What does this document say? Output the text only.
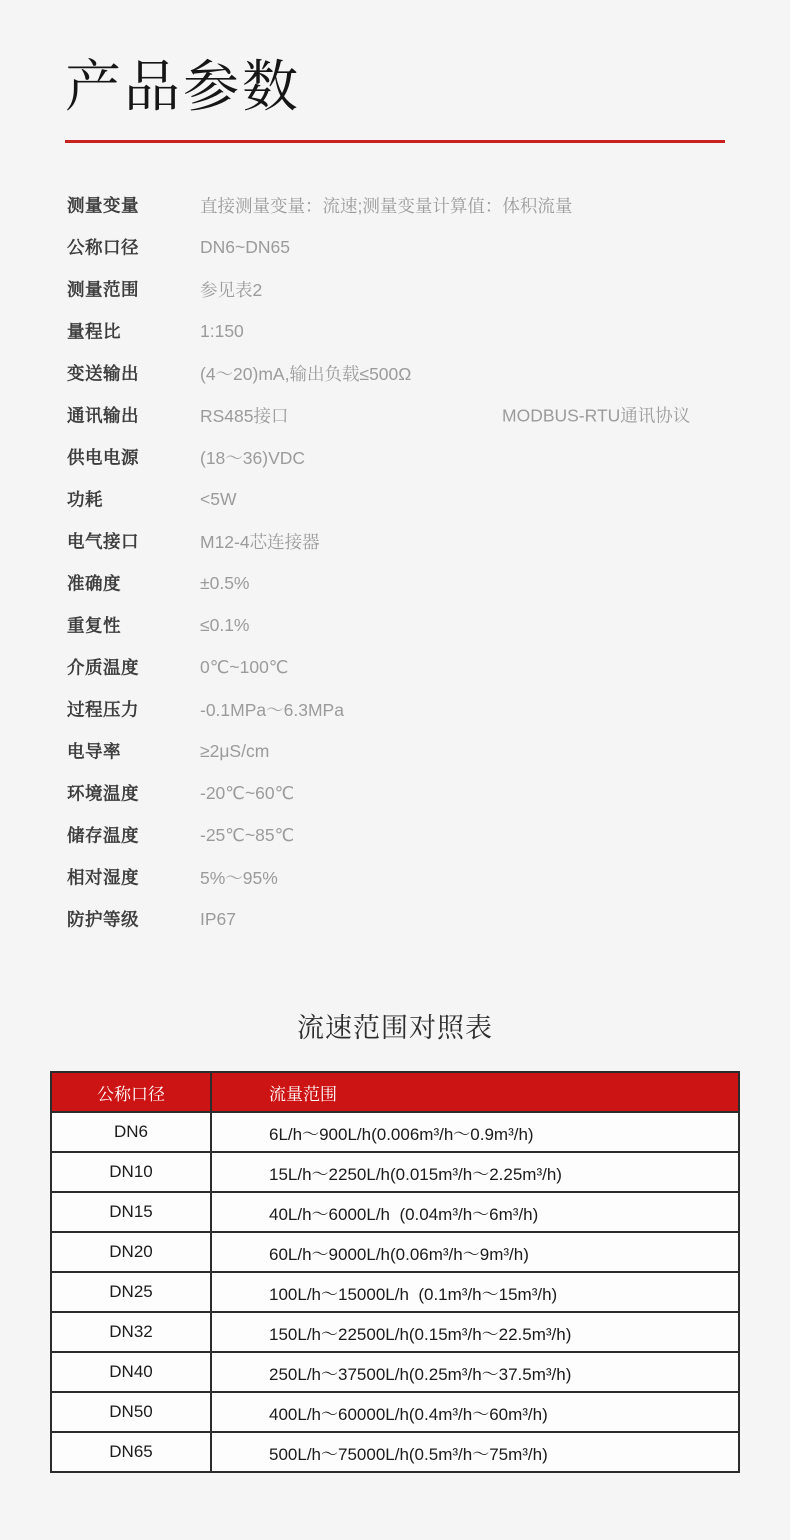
产品参数
测量变量	直接测量变量：流速;测量变量计算值：体积流量
公称口径	DN6~DN65
测量范围	参见表2
量程比	1:150
变送输出	(4～20)mA,输出负载≤500Ω
通讯输出	RS485接口	MODBUS-RTU通讯协议
供电电源	(18～36)VDC
功耗	<5W
电气接口	M12-4芯连接器
准确度	±0.5%
重复性	≤0.1%
介质温度	0℃~100℃
过程压力	-0.1MPa～6.3MPa
电导率	≥2μS/cm
环境温度	-20℃~60℃
储存温度	-25℃~85℃
相对湿度	5%～95%
防护等级	IP67
流速范围对照表
公称口径	流量范围
DN6	6L/h～900L/h(0.006m³/h～0.9m³/h)
DN10	15L/h～2250L/h(0.015m³/h～2.25m³/h)
DN15	40L/h～6000L/h  (0.04m³/h～6m³/h)
DN20	60L/h～9000L/h(0.06m³/h～9m³/h)
DN25	100L/h～15000L/h  (0.1m³/h～15m³/h)
DN32	150L/h～22500L/h(0.15m³/h～22.5m³/h)
DN40	250L/h～37500L/h(0.25m³/h～37.5m³/h)
DN50	400L/h～60000L/h(0.4m³/h～60m³/h)
DN65	500L/h～75000L/h(0.5m³/h～75m³/h)
